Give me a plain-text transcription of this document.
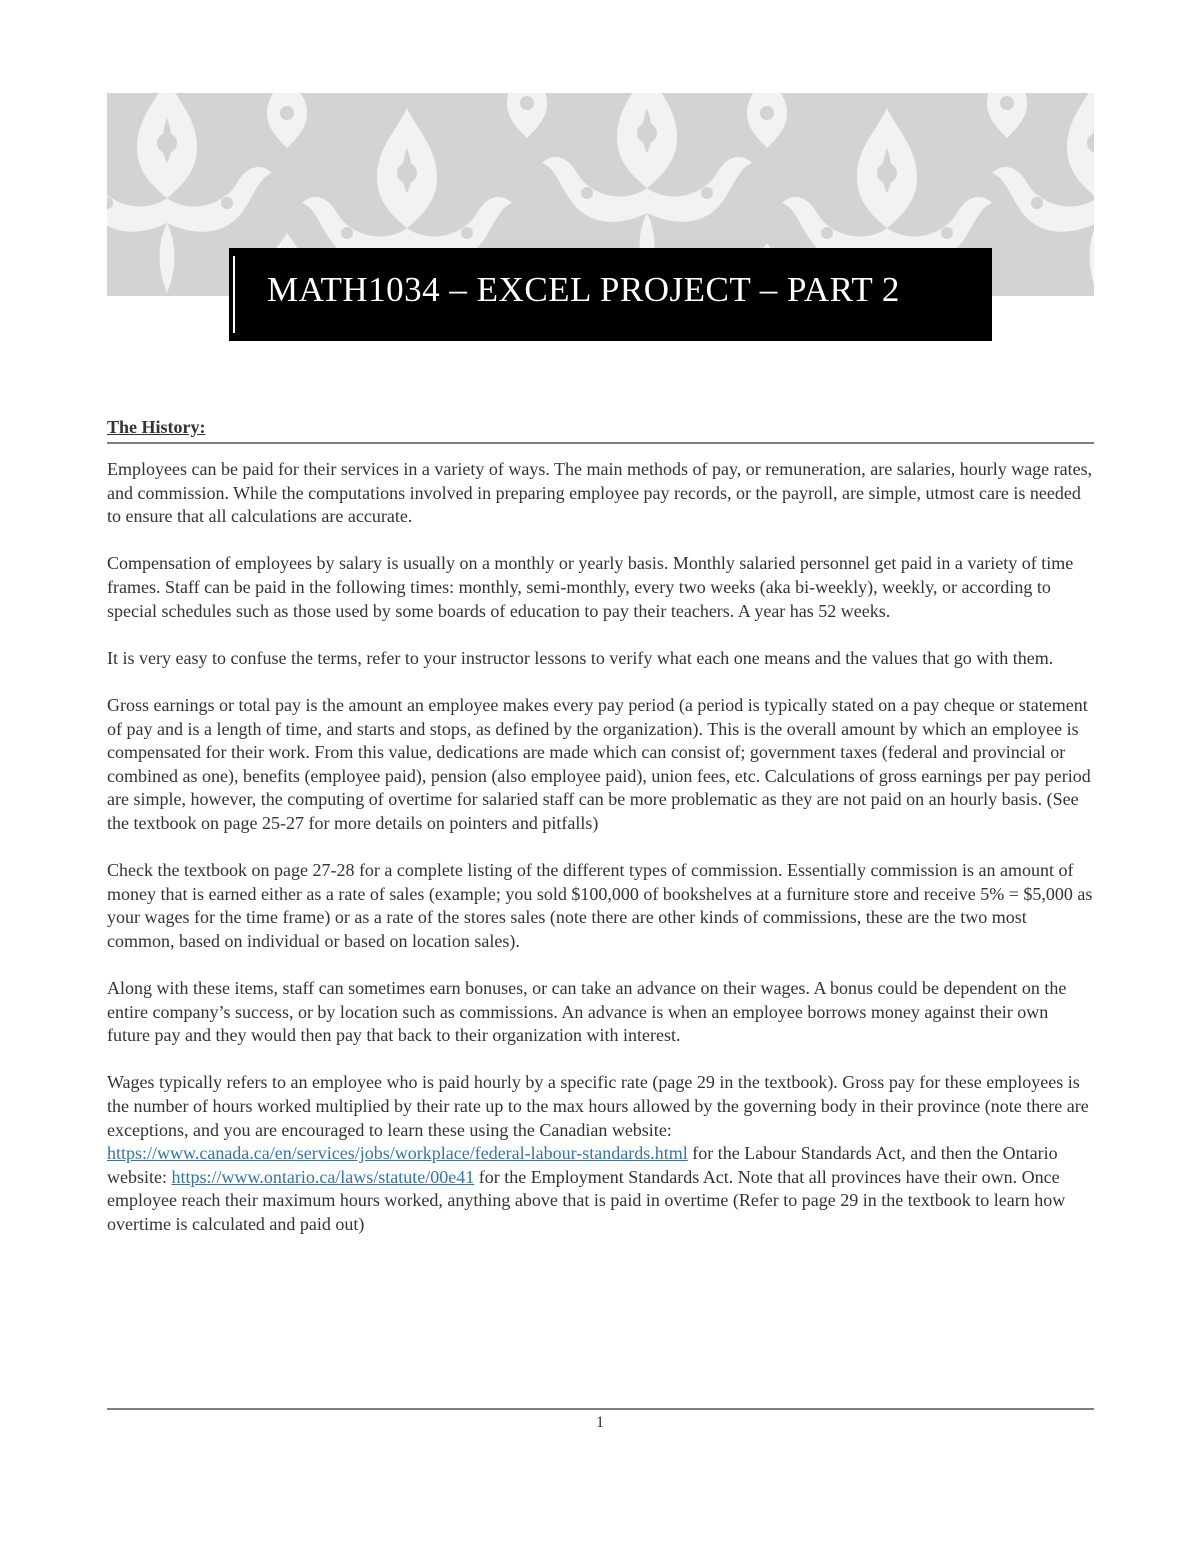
MATH1034 – EXCEL PROJECT – PART 2
The History:

Employees can be paid for their services in a variety of ways. The main methods of pay, or remuneration, are salaries, hourly wage rates, and commission. While the computations involved in preparing employee pay records, or the payroll, are simple, utmost care is needed to ensure that all calculations are accurate.

Compensation of employees by salary is usually on a monthly or yearly basis. Monthly salaried personnel get paid in a variety of time frames. Staff can be paid in the following times: monthly, semi-monthly, every two weeks (aka bi-weekly), weekly, or according to special schedules such as those used by some boards of education to pay their teachers. A year has 52 weeks.

It is very easy to confuse the terms, refer to your instructor lessons to verify what each one means and the values that go with them.

Gross earnings or total pay is the amount an employee makes every pay period (a period is typically stated on a pay cheque or statement of pay and is a length of time, and starts and stops, as defined by the organization). This is the overall amount by which an employee is compensated for their work. From this value, dedications are made which can consist of; government taxes (federal and provincial or combined as one), benefits (employee paid), pension (also employee paid), union fees, etc. Calculations of gross earnings per pay period are simple, however, the computing of overtime for salaried staff can be more problematic as they are not paid on an hourly basis. (See the textbook on page 25-27 for more details on pointers and pitfalls)

Check the textbook on page 27-28 for a complete listing of the different types of commission. Essentially commission is an amount of money that is earned either as a rate of sales (example; you sold $100,000 of bookshelves at a furniture store and receive 5% = $5,000 as your wages for the time frame) or as a rate of the stores sales (note there are other kinds of commissions, these are the two most common, based on individual or based on location sales).

Along with these items, staff can sometimes earn bonuses, or can take an advance on their wages. A bonus could be dependent on the entire company’s success, or by location such as commissions. An advance is when an employee borrows money against their own future pay and they would then pay that back to their organization with interest.

Wages typically refers to an employee who is paid hourly by a specific rate (page 29 in the textbook). Gross pay for these employees is the number of hours worked multiplied by their rate up to the max hours allowed by the governing body in their province (note there are exceptions, and you are encouraged to learn these using the Canadian website: https://www.canada.ca/en/services/jobs/workplace/federal-labour-standards.html for the Labour Standards Act, and then the Ontario website: https://www.ontario.ca/laws/statute/00e41 for the Employment Standards Act. Note that all provinces have their own. Once employee reach their maximum hours worked, anything above that is paid in overtime (Refer to page 29 in the textbook to learn how overtime is calculated and paid out)

1
